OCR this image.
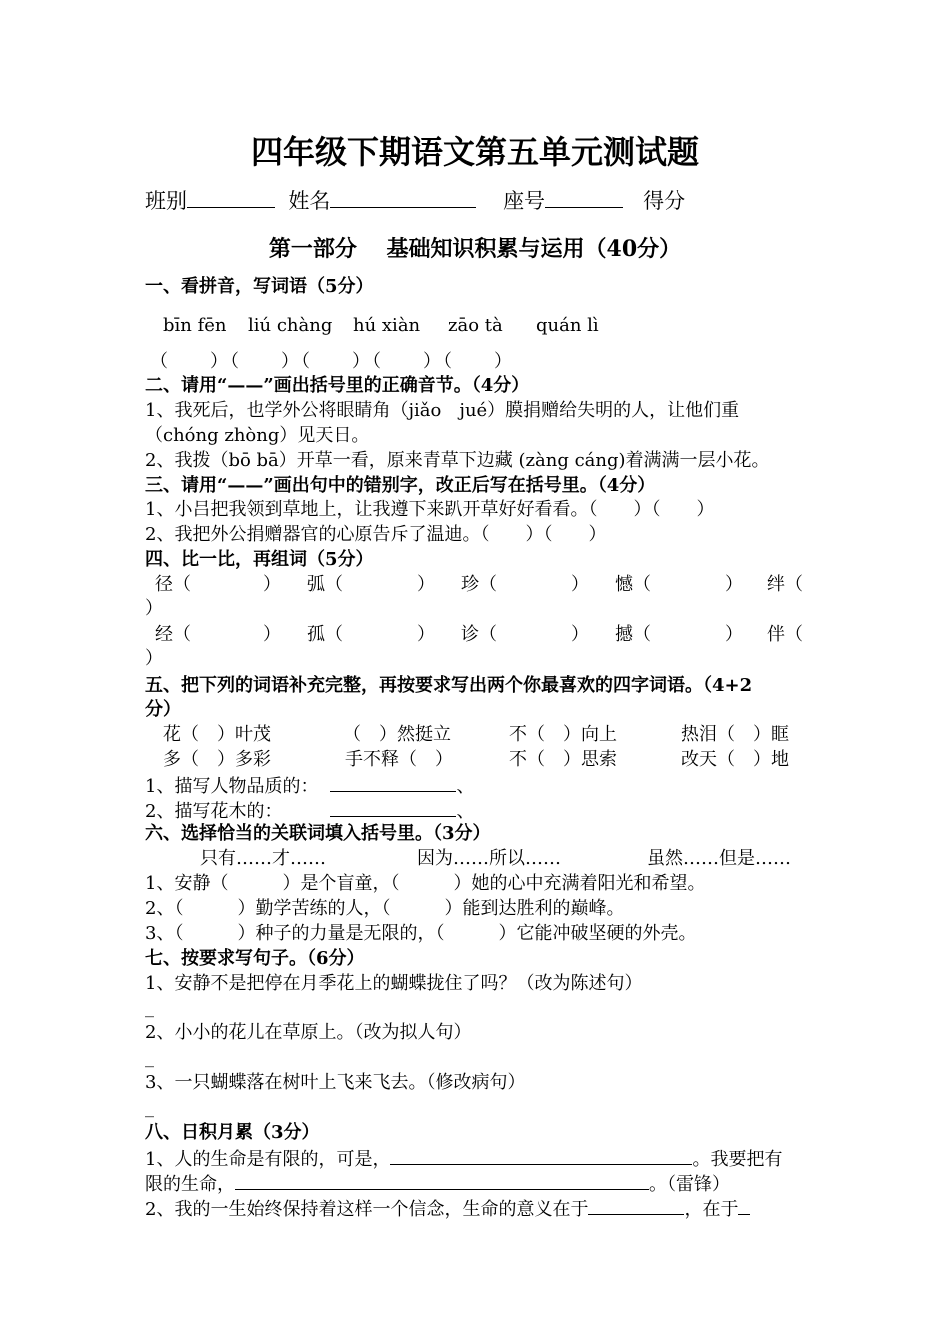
四年级下期语文第五单元测试题
班别	姓名	座号	得分
第一部分　 基础知识积累与运用（40分）
一、看拼音，写词语（5分）
bīn fēn liú chàng hú xiàn zāo tà quán lì
（　　）（　　）（　　）（　　）（　　）
二、请用“——”画出括号里的正确音节。（4分）
1、我死后，也学外公将眼睛角（jiǎo　jué）膜捐赠给失明的人，让他们重
（chóng zhòng）见天日。
2、我拨（bō bā）开草一看，原来青草下边藏 (zàng cáng)着满满一层小花。
三、请用“——”画出句中的错别字，改正后写在括号里。（4分）
1、小吕把我领到草地上，让我遵下来趴开草好好看看。（　　）（　　）
2、我把外公捐赠器官的心原告斥了温迪。（　　）（　　）
四、比一比，再组词（5分）
径（	） 弧（	） 珍（	） 憾（	） 绊（
）
经（	） 孤（	） 诊（	） 撼（	） 伴（
）
五、把下列的词语补充完整，再按要求写出两个你最喜欢的四字词语。（4+2
分）
花（　）叶茂	（　）然挺立	不（　）向上	热泪（　）眶
多（　）多彩	手不释（　）	不（　）思索	改天（　）地
1、描写人物品质的：	、
2、描写花木的：	、
六、选择恰当的关联词填入括号里。（3分）
只有……才……	因为……所以……	虽然……但是……
1、安静（　　　）是个盲童，（　　　）她的心中充满着阳光和希望。
2、（　　　）勤学苦练的人，（　　　）能到达胜利的巅峰。
3、（　　　）种子的力量是无限的，（　　　）它能冲破坚硬的外壳。
七、按要求写句子。（6分）
1、安静不是把停在月季花上的蝴蝶拢住了吗？（改为陈述句）
_
2、小小的花儿在草原上。（改为拟人句）
_
3、一只蝴蝶落在树叶上飞来飞去。（修改病句）
_
八、日积月累（3分）
1、人的生命是有限的，可是，	。我要把有
限的生命，	。（雷锋）
2、我的一生始终保持着这样一个信念，生命的意义在于	，在于
